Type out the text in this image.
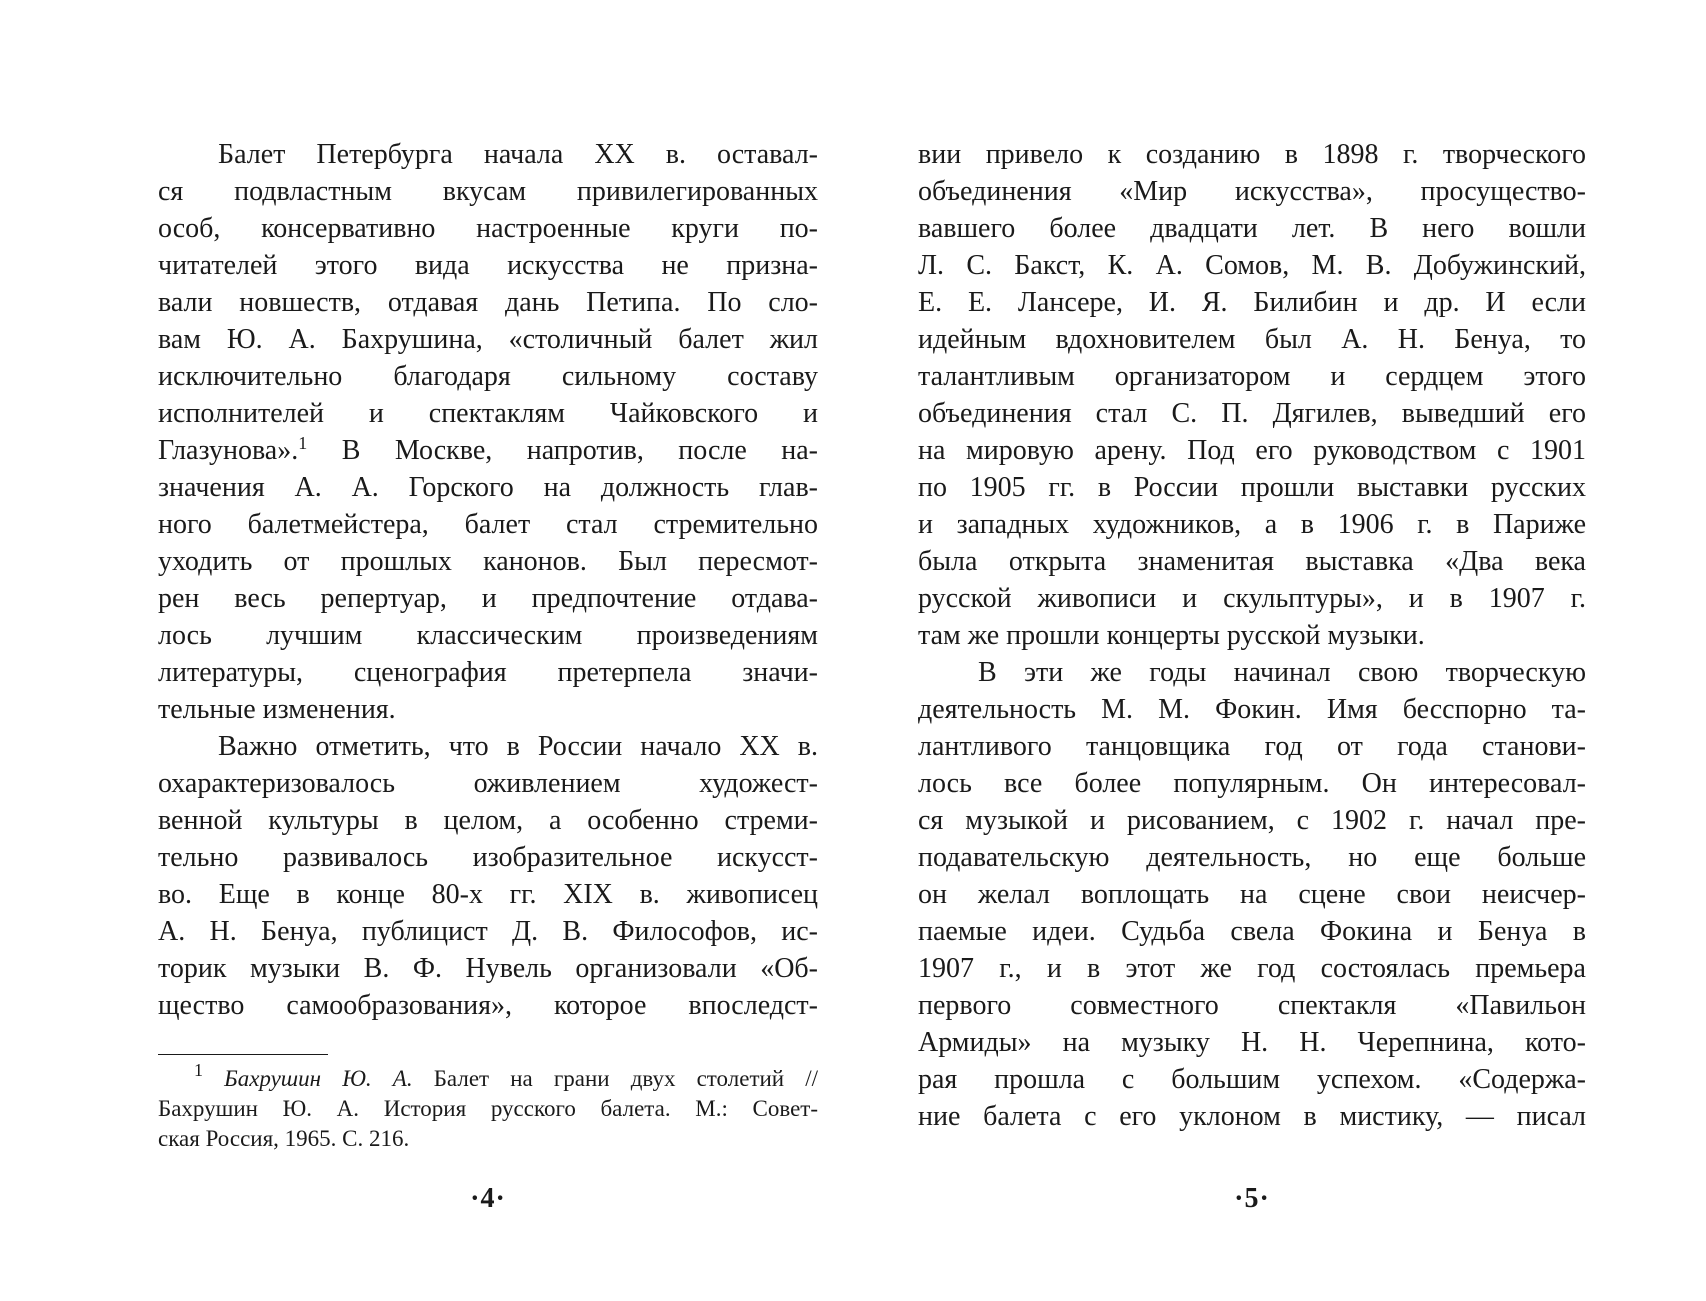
Балет Петербурга начала XX в. оставал-
ся подвластным вкусам привилегированных
особ, консервативно настроенные круги по-
читателей этого вида искусства не призна-
вали новшеств, отдавая дань Петипа. По сло-
вам Ю. А. Бахрушина, «столичный балет жил
исключительно благодаря сильному составу
исполнителей и спектаклям Чайковского и
Глазунова».$^1$ В Москве, напротив, после на-
значения А. А. Горского на должность глав-
ного балетмейстера, балет стал стремительно
уходить от прошлых канонов. Был пересмот-
рен весь репертуар, и предпочтение отдава-
лось лучшим классическим произведениям
литературы, сценография претерпела значи-
тельные изменения.
Важно отметить, что в России начало XX в.
охарактеризовалось оживлением художест-
венной культуры в целом, а особенно стреми-
тельно развивалось изобразительное искусст-
во. Еще в конце 80-х гг. XIX в. живописец
А. Н. Бенуа, публицист Д. В. Философов, ис-
торик музыки В. Ф. Нувель организовали «Об-
щество самообразования», которое впоследст-
$^1$ Бахрушин Ю. А. Балет на грани двух столетий //
Бахрушин Ю. А. История русского балета. М.: Совет-
ская Россия, 1965. С. 216.
·4·
вии привело к созданию в 1898 г. творческого
объединения «Мир искусства», просущество-
вавшего более двадцати лет. В него вошли
Л. С. Бакст, К. А. Сомов, М. В. Добужинский,
Е. Е. Лансере, И. Я. Билибин и др. И если
идейным вдохновителем был А. Н. Бенуа, то
талантливым организатором и сердцем этого
объединения стал С. П. Дягилев, выведший его
на мировую арену. Под его руководством с 1901
по 1905 гг. в России прошли выставки русских
и западных художников, а в 1906 г. в Париже
была открыта знаменитая выставка «Два века
русской живописи и скульптуры», и в 1907 г.
там же прошли концерты русской музыки.
В эти же годы начинал свою творческую
деятельность М. М. Фокин. Имя бесспорно та-
лантливого танцовщика год от года станови-
лось все более популярным. Он интересовал-
ся музыкой и рисованием, с 1902 г. начал пре-
подавательскую деятельность, но еще больше
он желал воплощать на сцене свои неисчер-
паемые идеи. Судьба свела Фокина и Бенуа в
1907 г., и в этот же год состоялась премьера
первого совместного спектакля «Павильон
Армиды» на музыку Н. Н. Черепнина, кото-
рая прошла с большим успехом. «Содержа-
ние балета с его уклоном в мистику, — писал
·5·
